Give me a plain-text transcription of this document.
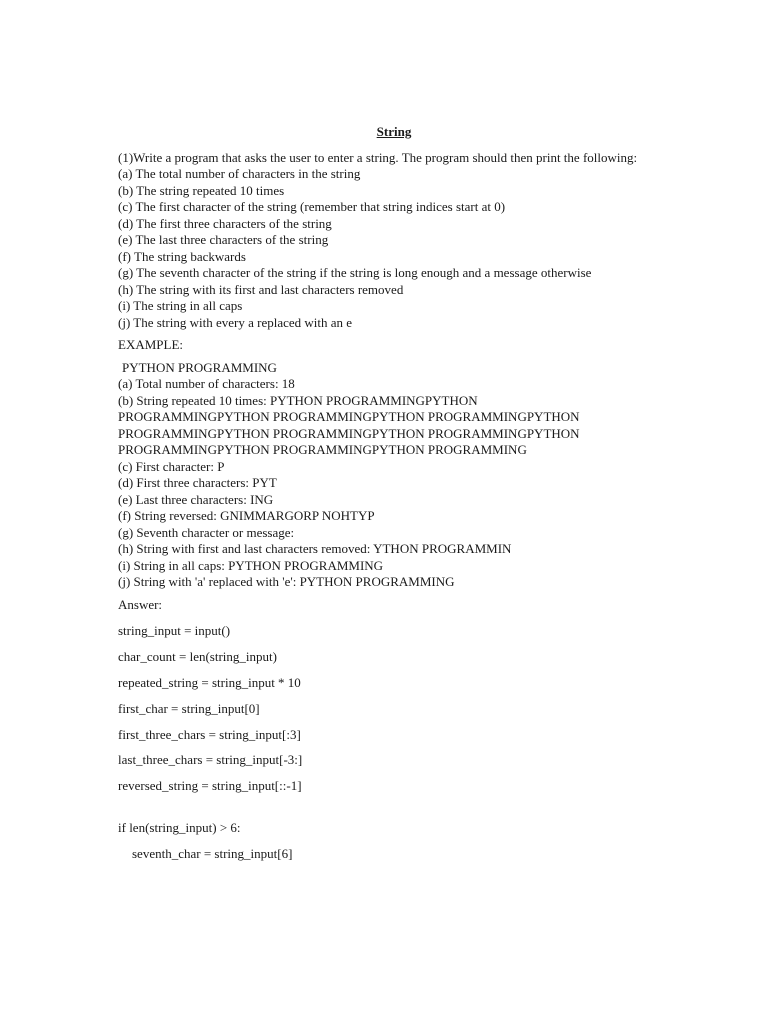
String

(1)Write a program that asks the user to enter a string. The program should then print the following:

(a) The total number of characters in the string
(b) The string repeated 10 times
(c) The first character of the string (remember that string indices start at 0)
(d) The first three characters of the string
(e) The last three characters of the string
(f) The string backwards
(g) The seventh character of the string if the string is long enough and a message otherwise
(h) The string with its first and last characters removed
(i) The string in all caps
(j) The string with every a replaced with an e

EXAMPLE:

PYTHON PROGRAMMING

(a) Total number of characters: 18
(b) String repeated 10 times: PYTHON PROGRAMMINGPYTHON
PROGRAMMINGPYTHON PROGRAMMINGPYTHON PROGRAMMINGPYTHON
PROGRAMMINGPYTHON PROGRAMMINGPYTHON PROGRAMMINGPYTHON
PROGRAMMINGPYTHON PROGRAMMINGPYTHON PROGRAMMING
(c) First character: P
(d) First three characters: PYT
(e) Last three characters: ING
(f) String reversed: GNIMMARGORP NOHTYP
(g) Seventh character or message:
(h) String with first and last characters removed: YTHON PROGRAMMIN
(i) String in all caps: PYTHON PROGRAMMING
(j) String with 'a' replaced with 'e': PYTHON PROGRAMMING

Answer:

string_input = input()
char_count = len(string_input)
repeated_string = string_input * 10
first_char = string_input[0]
first_three_chars = string_input[:3]
last_three_chars = string_input[-3:]
reversed_string = string_input[::-1]
if len(string_input) > 6:
seventh_char = string_input[6]
